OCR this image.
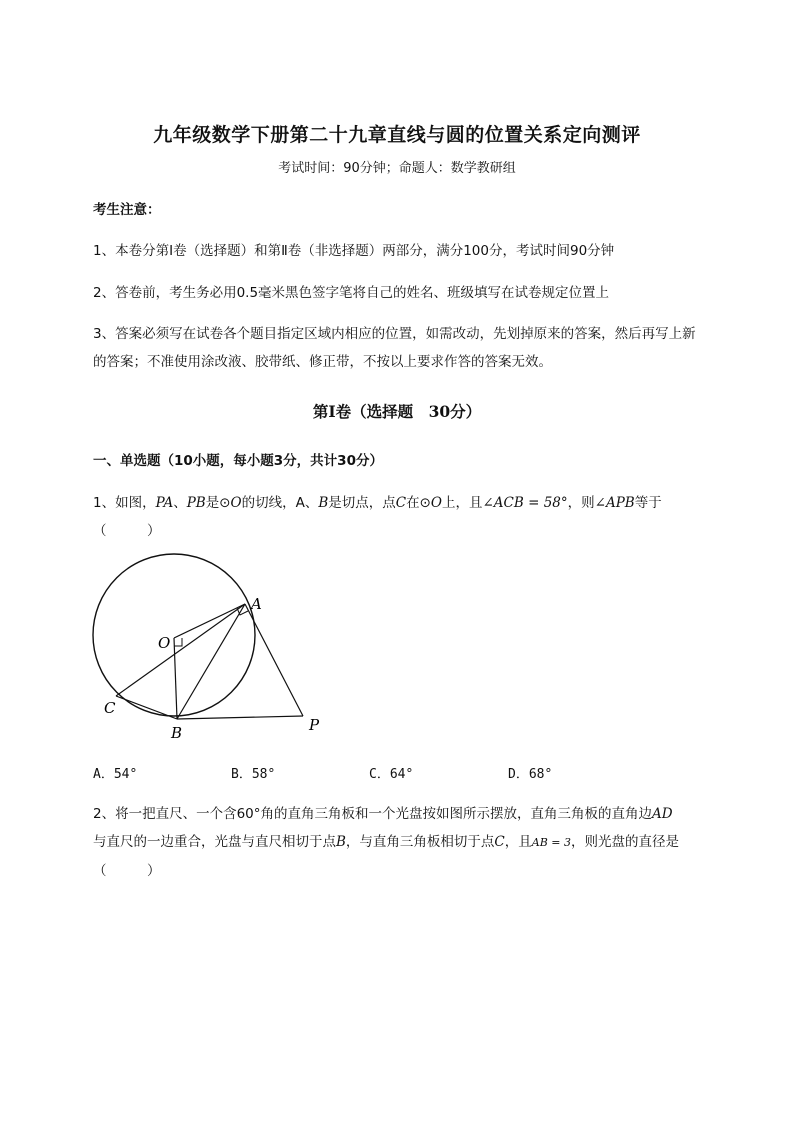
九年级数学下册第二十九章直线与圆的位置关系定向测评
考试时间：90分钟；命题人：数学教研组
考生注意：
1、本卷分第I卷（选择题）和第Ⅱ卷（非选择题）两部分，满分100分，考试时间90分钟
2、答卷前，考生务必用0.5毫米黑色签字笔将自己的姓名、班级填写在试卷规定位置上
3、答案必须写在试卷各个题目指定区域内相应的位置，如需改动，先划掉原来的答案，然后再写上新的答案；不准使用涂改液、胶带纸、修正带，不按以上要求作答的答案无效。
第I卷（选择题　30分）
一、单选题（10小题，每小题3分，共计30分）
1、如图，PA、PB是⊙O的切线，A、B是切点，点C在⊙O上，且∠ACB = 58°，则∠APB等于
（　　　）
A
O
C
B	P
A．54°	B．58°	C．64°	D．68°
2、将一把直尺、一个含60°角的直角三角板和一个光盘按如图所示摆放，直角三角板的直角边AD
与直尺的一边重合，光盘与直尺相切于点B，与直角三角板相切于点C，且AB = 3，则光盘的直径是
（　　　）
